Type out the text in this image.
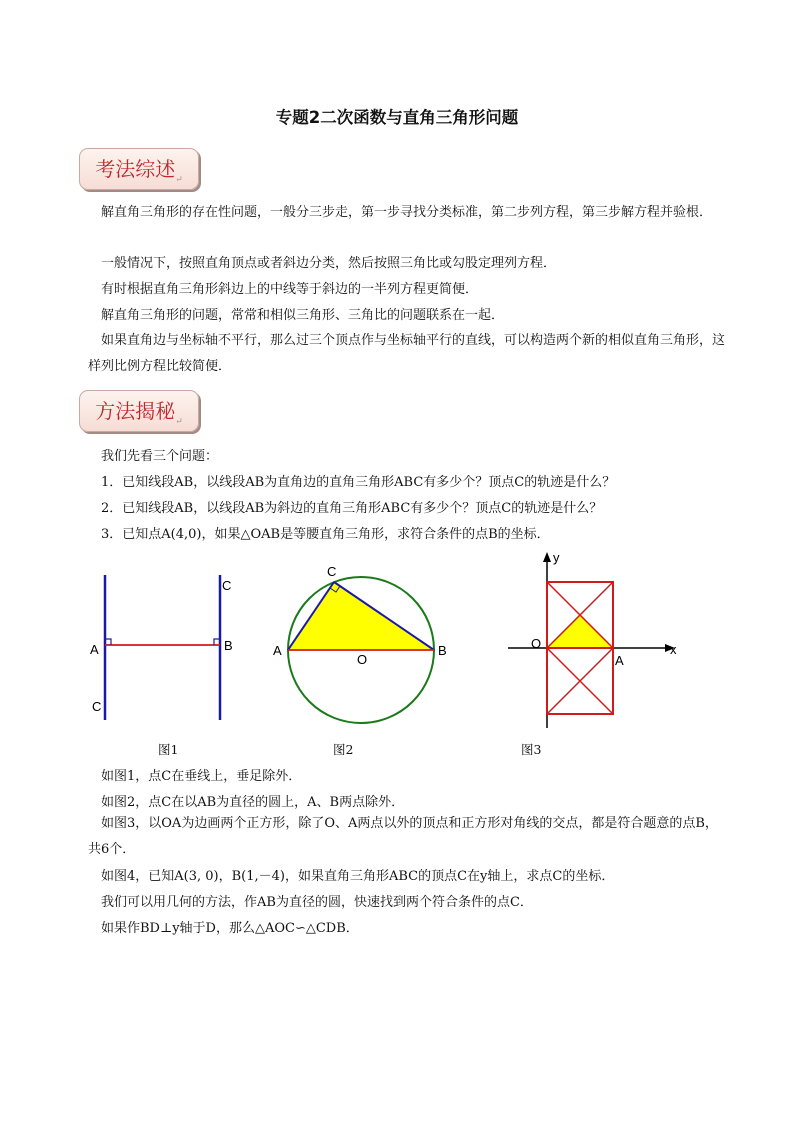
专题2二次函数与直角三角形问题
考法综述$_↵$
解直角三角形的存在性问题，一般分三步走，第一步寻找分类标准，第二步列方程，第三步解方程并验根．
一般情况下，按照直角顶点或者斜边分类，然后按照三角比或勾股定理列方程．
有时根据直角三角形斜边上的中线等于斜边的一半列方程更简便．
解直角三角形的问题，常常和相似三角形、三角比的问题联系在一起．
如果直角边与坐标轴不平行，那么过三个顶点作与坐标轴平行的直线，可以构造两个新的相似直角三角形，这样列比例方程比较简便．
方法揭秘$_↵$
我们先看三个问题：
1．已知线段AB，以线段AB为直角边的直角三角形ABC有多少个？顶点C的轨迹是什么？
2．已知线段AB，以线段AB为斜边的直角三角形ABC有多少个？顶点C的轨迹是什么？
3．已知点A(4,0)，如果△OAB是等腰直角三角形，求符合条件的点B的坐标．
A	B
C
C
图1
A	B
C
O
图2
O
A
x
y
图3
如图1，点C在垂线上，垂足除外．
如图2，点C在以AB为直径的圆上，A、B两点除外．
如图3，以OA为边画两个正方形，除了O、A两点以外的顶点和正方形对角线的交点，都是符合题意的点B，共6个．
如图4，已知A(3, 0)，B(1,－4)，如果直角三角形ABC的顶点C在y轴上，求点C的坐标．
我们可以用几何的方法，作AB为直径的圆，快速找到两个符合条件的点C．
如果作BD⊥y轴于D，那么△AOC∽△CDB．
